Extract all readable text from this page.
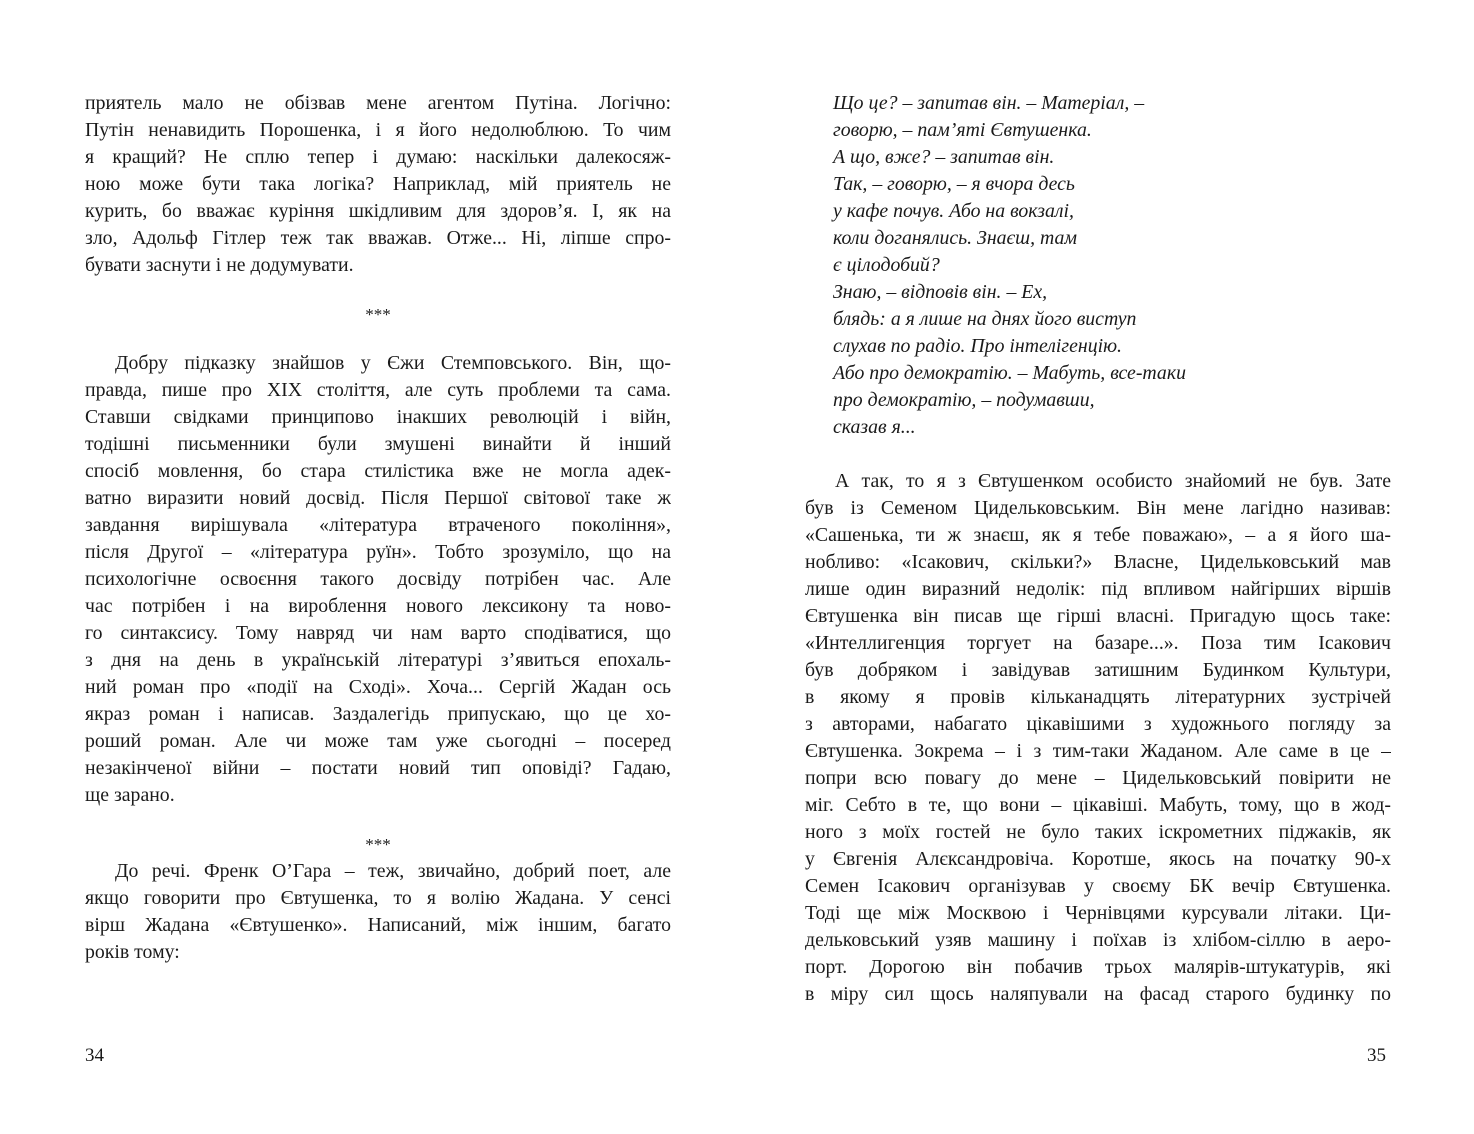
приятель мало не обізвав мене агентом Путіна. Логічно:
Путін ненавидить Порошенка, і я його недолюблюю. То чим
я кращий? Не сплю тепер і думаю: наскільки далекосяж-
ною може бути така логіка? Наприклад, мій приятель не
курить, бо вважає куріння шкідливим для здоров’я. І, як на
зло, Адольф Гітлер теж так вважав. Отже... Ні, ліпше спро-
бувати заснути і не додумувати.
***
Добру підказку знайшов у Єжи Стемповського. Він, що-
правда, пише про XIX століття, але суть проблеми та сама.
Ставши свідками принципово інакших революцій і війн,
тодішні письменники були змушені винайти й інший
спосіб мовлення, бо стара стилістика вже не могла адек-
ватно виразити новий досвід. Після Першої світової таке ж
завдання вирішувала «література втраченого покоління»,
після Другої – «література руїн». Тобто зрозуміло, що на
психологічне освоєння такого досвіду потрібен час. Але
час потрібен і на вироблення нового лексикону та ново-
го синтаксису. Тому навряд чи нам варто сподіватися, що
з дня на день в українській літературі з’явиться епохаль-
ний роман про «події на Сході». Хоча... Сергій Жадан ось
якраз роман і написав. Заздалегідь припускаю, що це хо-
роший роман. Але чи може там уже сьогодні – посеред
незакінченої війни – постати новий тип оповіді? Гадаю,
ще зарано.
***
До речі. Френк О’Гара – теж, звичайно, добрий поет, але
якщо говорити про Євтушенка, то я волію Жадана. У сенсі
вірш Жадана «Євтушенко». Написаний, між іншим, багато
років тому:
Що це? – запитав він. – Матеріал, –
говорю, – пам’яті Євтушенка.
А що, вже? – запитав він.
Так, – говорю, – я вчора десь
у кафе почув. Або на вокзалі,
коли доганялись. Знаєш, там
є цілодобий?
Знаю, – відповів він. – Ех,
блядь: а я лише на днях його виступ
слухав по радіо. Про інтелігенцію.
Або про демократію. – Мабуть, все-таки
про демократію, – подумавши,
сказав я...
А так, то я з Євтушенком особисто знайомий не був. Зате
був із Семеном Цидельковським. Він мене лагідно називав:
«Сашенька, ти ж знаєш, як я тебе поважаю», – а я його ша-
нобливо: «Ісакович, скільки?» Власне, Цидельковський мав
лише один виразний недолік: під впливом найгірших віршів
Євтушенка він писав ще гірші власні. Пригадую щось таке:
«Интеллигенция торгует на базаре...». Поза тим Ісакович
був добряком і завідував затишним Будинком Культури,
в якому я провів кільканадцять літературних зустрічей
з авторами, набагато цікавішими з художнього погляду за
Євтушенка. Зокрема – і з тим-таки Жаданом. Але саме в це –
попри всю повагу до мене – Цидельковський повірити не
міг. Себто в те, що вони – цікавіші. Мабуть, тому, що в жод-
ного з моїх гостей не було таких іскрометних піджаків, як
у Євгенія Алєксандровіча. Коротше, якось на початку 90-х
Семен Ісакович організував у своєму БК вечір Євтушенка.
Тоді ще між Москвою і Чернівцями курсували літаки. Ци-
дельковський узяв машину і поїхав із хлібом-сіллю в аеро-
порт. Дорогою він побачив трьох малярів-штукатурів, які
в міру сил щось наляпували на фасад старого будинку по
34	35
